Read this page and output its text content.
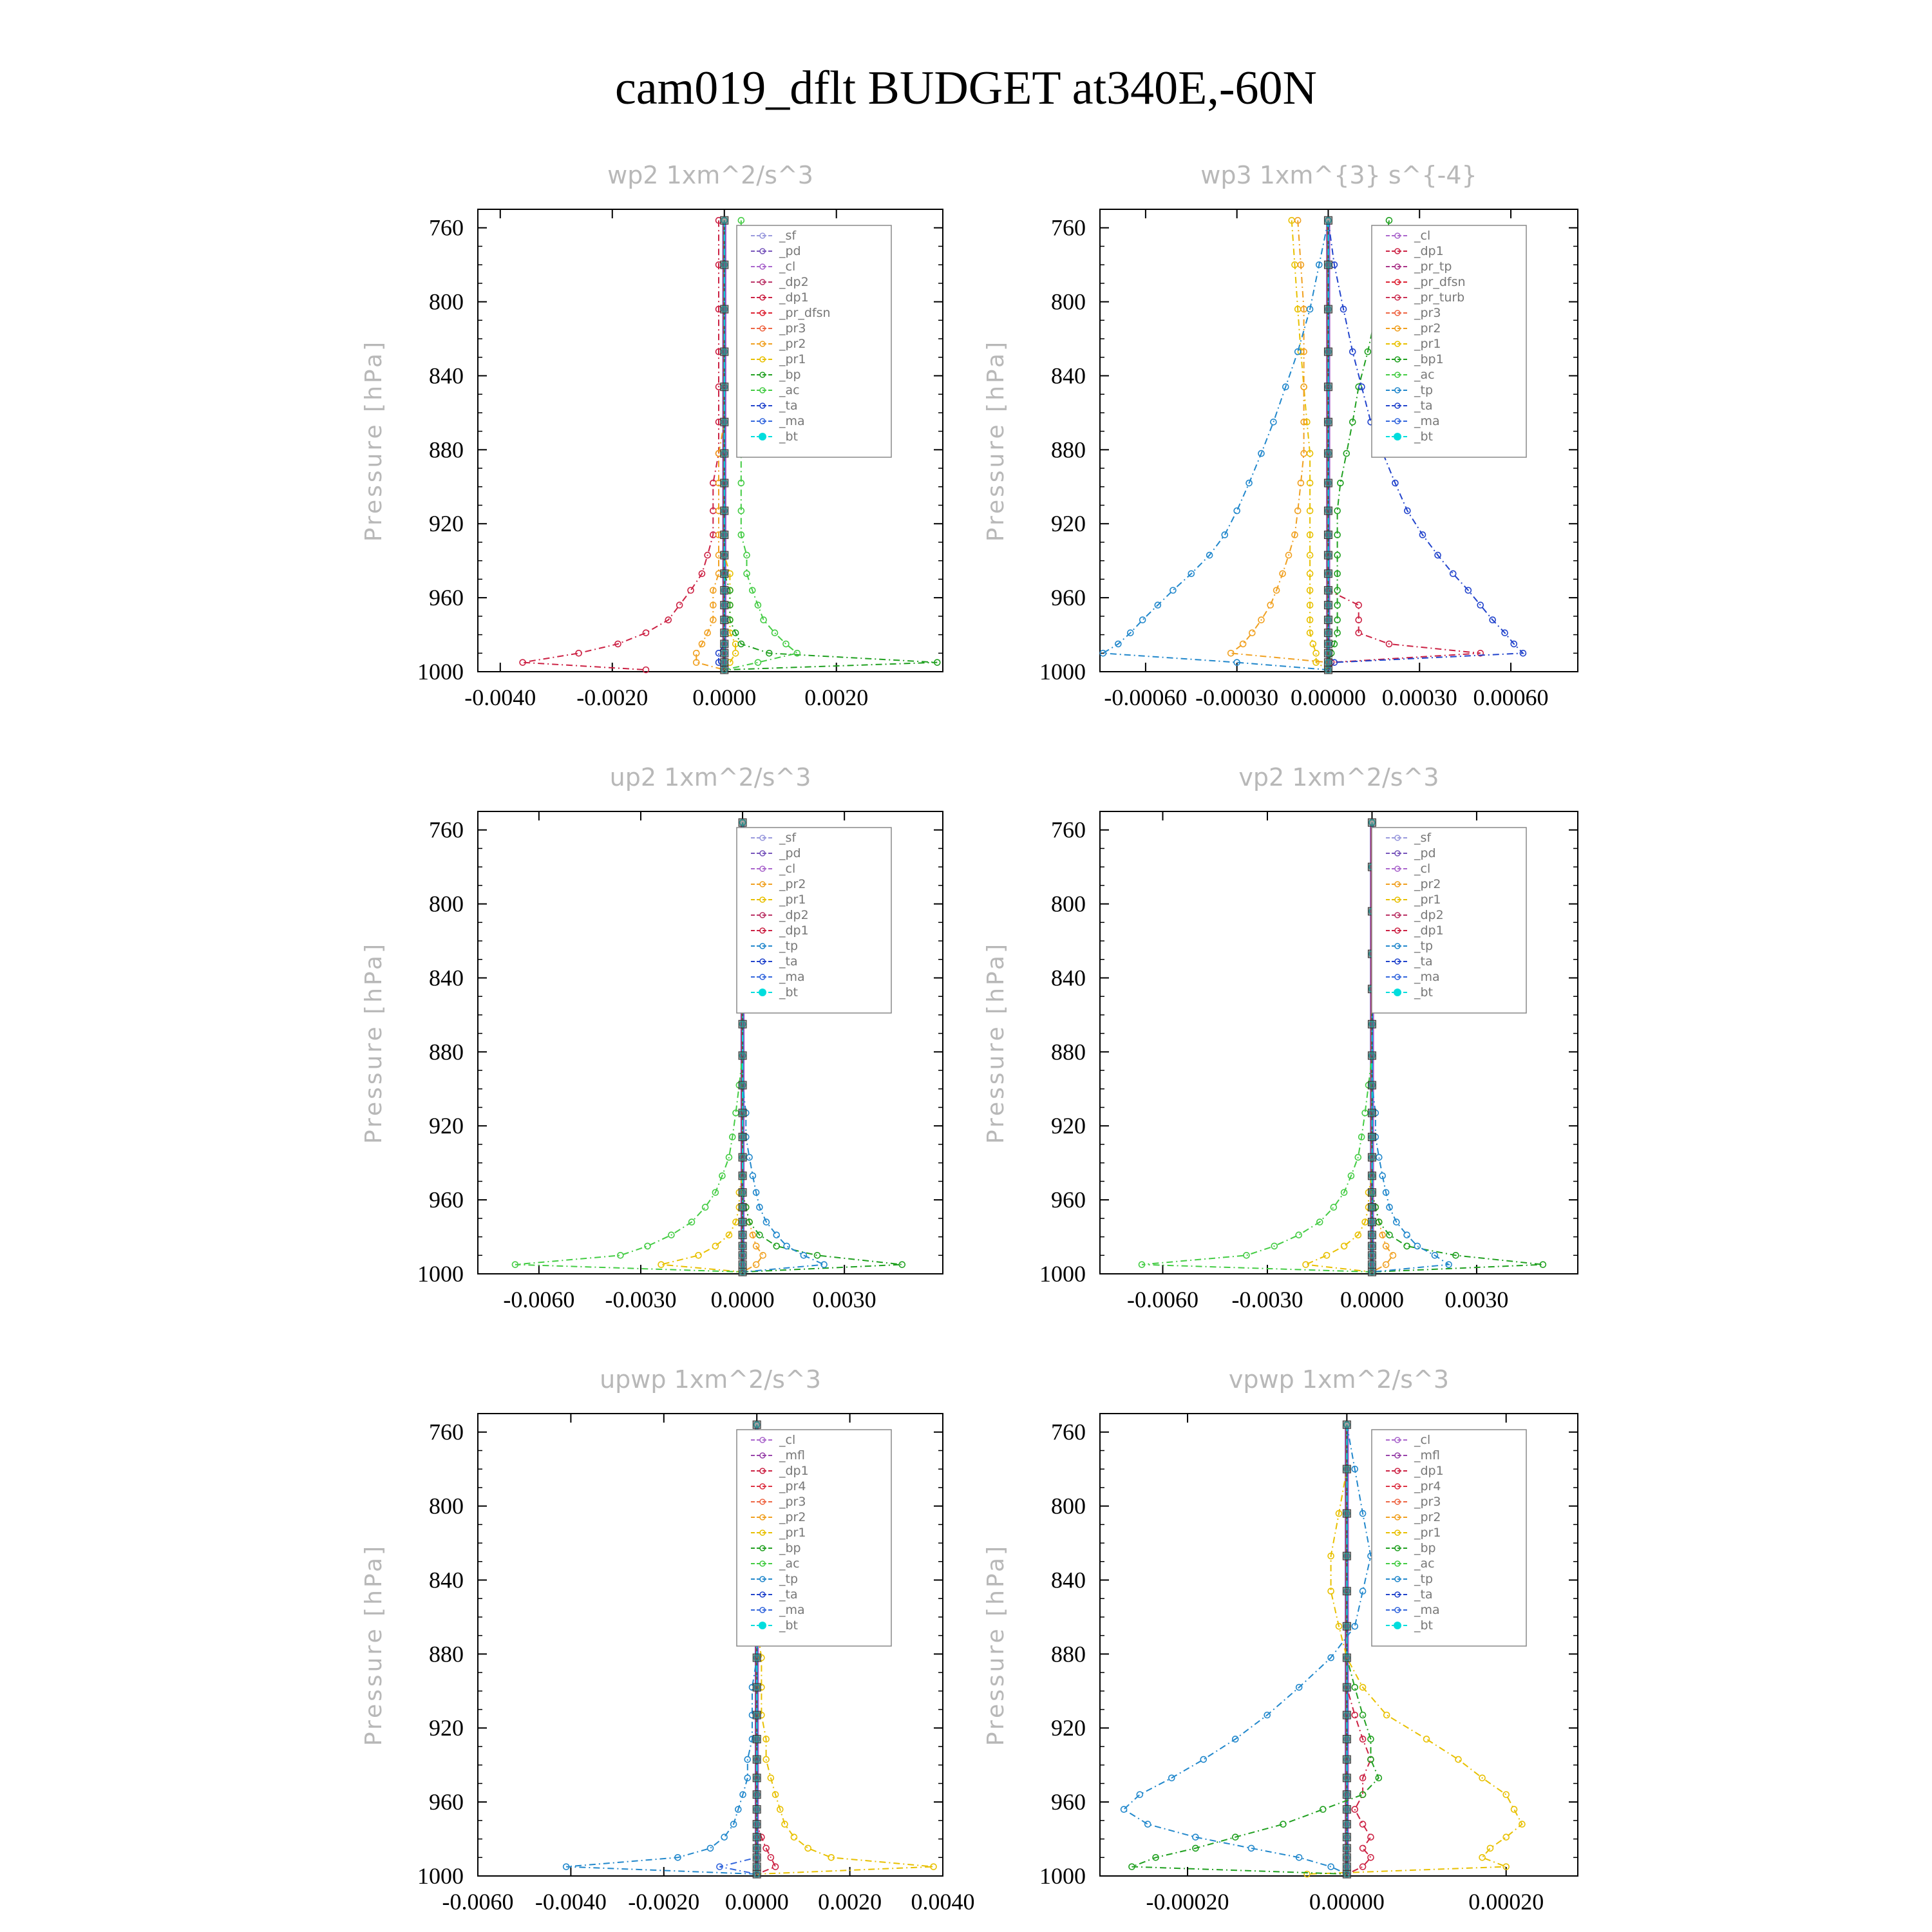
cam019_dflt BUDGET at340E,-60N
wp2 1xm^2/s^3
Pressure [hPa]
760
800
840
880
920
960
1000
-0.0040 -0.0020 0.0000 0.0020
_sf
_pd
_cl
_dp2
_dp1
_pr_dfsn
_pr3
_pr2
_pr1
_bp
_ac
_ta
_ma
_bt
wp3 1xm^{3} s^{-4}
Pressure [hPa]
760
800
840
880
920
960
1000
-0.00060 -0.00030 0.00000 0.00030 0.00060
_cl
_dp1
_pr_tp
_pr_dfsn
_pr_turb
_pr3
_pr2
_pr1
_bp1
_ac
_tp
_ta
_ma
_bt
up2 1xm^2/s^3
Pressure [hPa]
760
800
840
880
920
960
1000
-0.0060 -0.0030 0.0000 0.0030
_sf
_pd
_cl
_pr2
_pr1
_dp2
_dp1
_tp
_ta
_ma
_bt
vp2 1xm^2/s^3
Pressure [hPa]
760
800
840
880
920
960
1000
-0.0060 -0.0030 0.0000 0.0030
_sf
_pd
_cl
_pr2
_pr1
_dp2
_dp1
_tp
_ta
_ma
_bt
upwp 1xm^2/s^3
Pressure [hPa]
760
800
840
880
920
960
1000
-0.0060 -0.0040 -0.0020 0.0000 0.0020 0.0040
_cl
_mfl
_dp1
_pr4
_pr3
_pr2
_pr1
_bp
_ac
_tp
_ta
_ma
_bt
vpwp 1xm^2/s^3
Pressure [hPa]
760
800
840
880
920
960
1000
-0.00020	0.00000	0.00020
_cl
_mfl
_dp1
_pr4
_pr3
_pr2
_pr1
_bp
_ac
_tp
_ta
_ma
_bt
